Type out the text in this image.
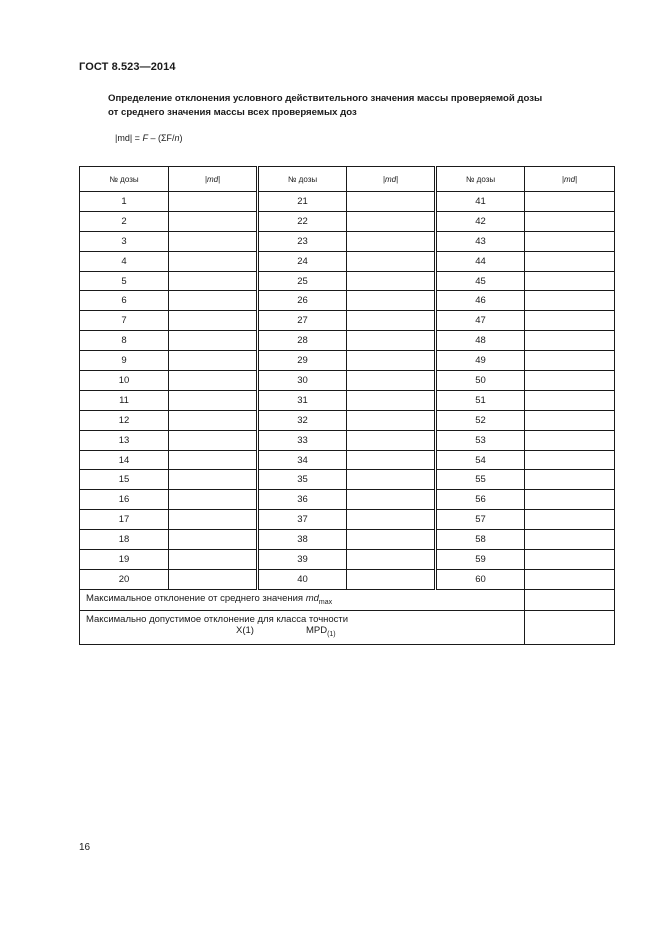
ГОСТ 8.523—2014
Определение отклонения условного действительного значения массы проверяемой дозы
от среднего значения массы всех проверяемых доз
|md| = F – (ΣF/n)
№ дозы	|md|	№ дозы	|md|	№ дозы	|md|
1		21		41	
2		22		42	
3		23		43	
4		24		44	
5		25		45	
6		26		46	
7		27		47	
8		28		48	
9		29		49	
10		30		50	
11		31		51	
12		32		52	
13		33		53	
14		34		54	
15		35		55	
16		36		56	
17		37		57	
18		38		58	
19		39		59	
20		40		60	
Максимальное отклонение от среднего значения $md_{max}$	
Максимально допустимое отклонение для класса точности
X(1) $MPD_{(1)}$

16
